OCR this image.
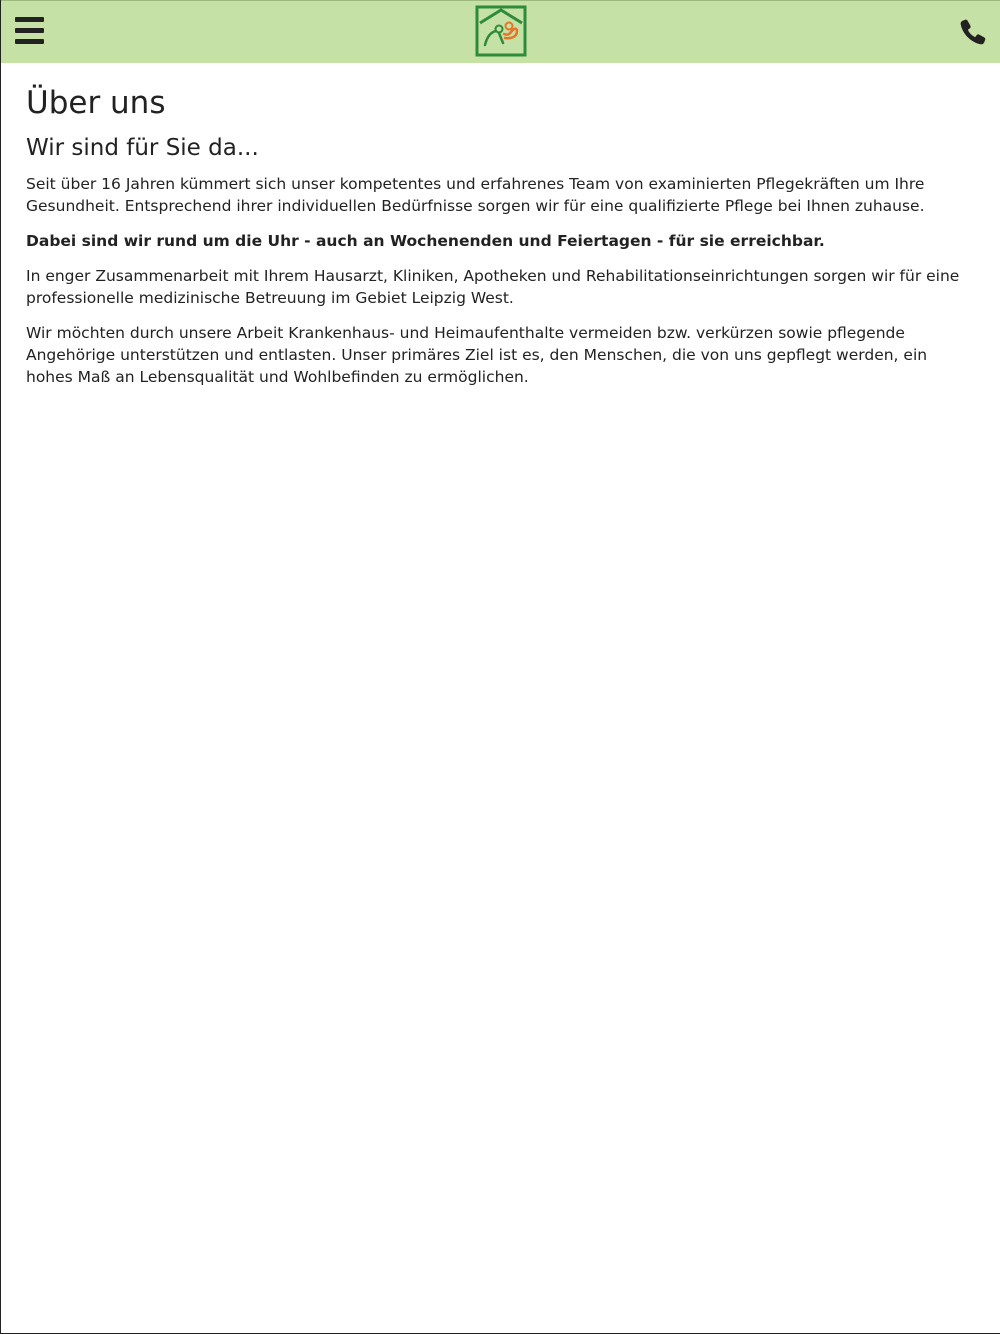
Über uns
Wir sind für Sie da...

Seit über 16 Jahren kümmert sich unser kompetentes und erfahrenes Team von examinierten Pflegekräften um Ihre Gesundheit. Entsprechend ihrer individuellen Bedürfnisse sorgen wir für eine qualifizierte Pflege bei Ihnen zuhause.

Dabei sind wir rund um die Uhr - auch an Wochenenden und Feiertagen - für sie erreichbar.

In enger Zusammenarbeit mit Ihrem Hausarzt, Kliniken, Apotheken und Rehabilitationseinrichtungen sorgen wir für eine professionelle medizinische Betreuung im Gebiet Leipzig West.

Wir möchten durch unsere Arbeit Krankenhaus- und Heimaufenthalte vermeiden bzw. verkürzen sowie pflegende Angehörige unterstützen und entlasten. Unser primäres Ziel ist es, den Menschen, die von uns gepflegt werden, ein hohes Maß an Lebensqualität und Wohlbefinden zu ermöglichen.
